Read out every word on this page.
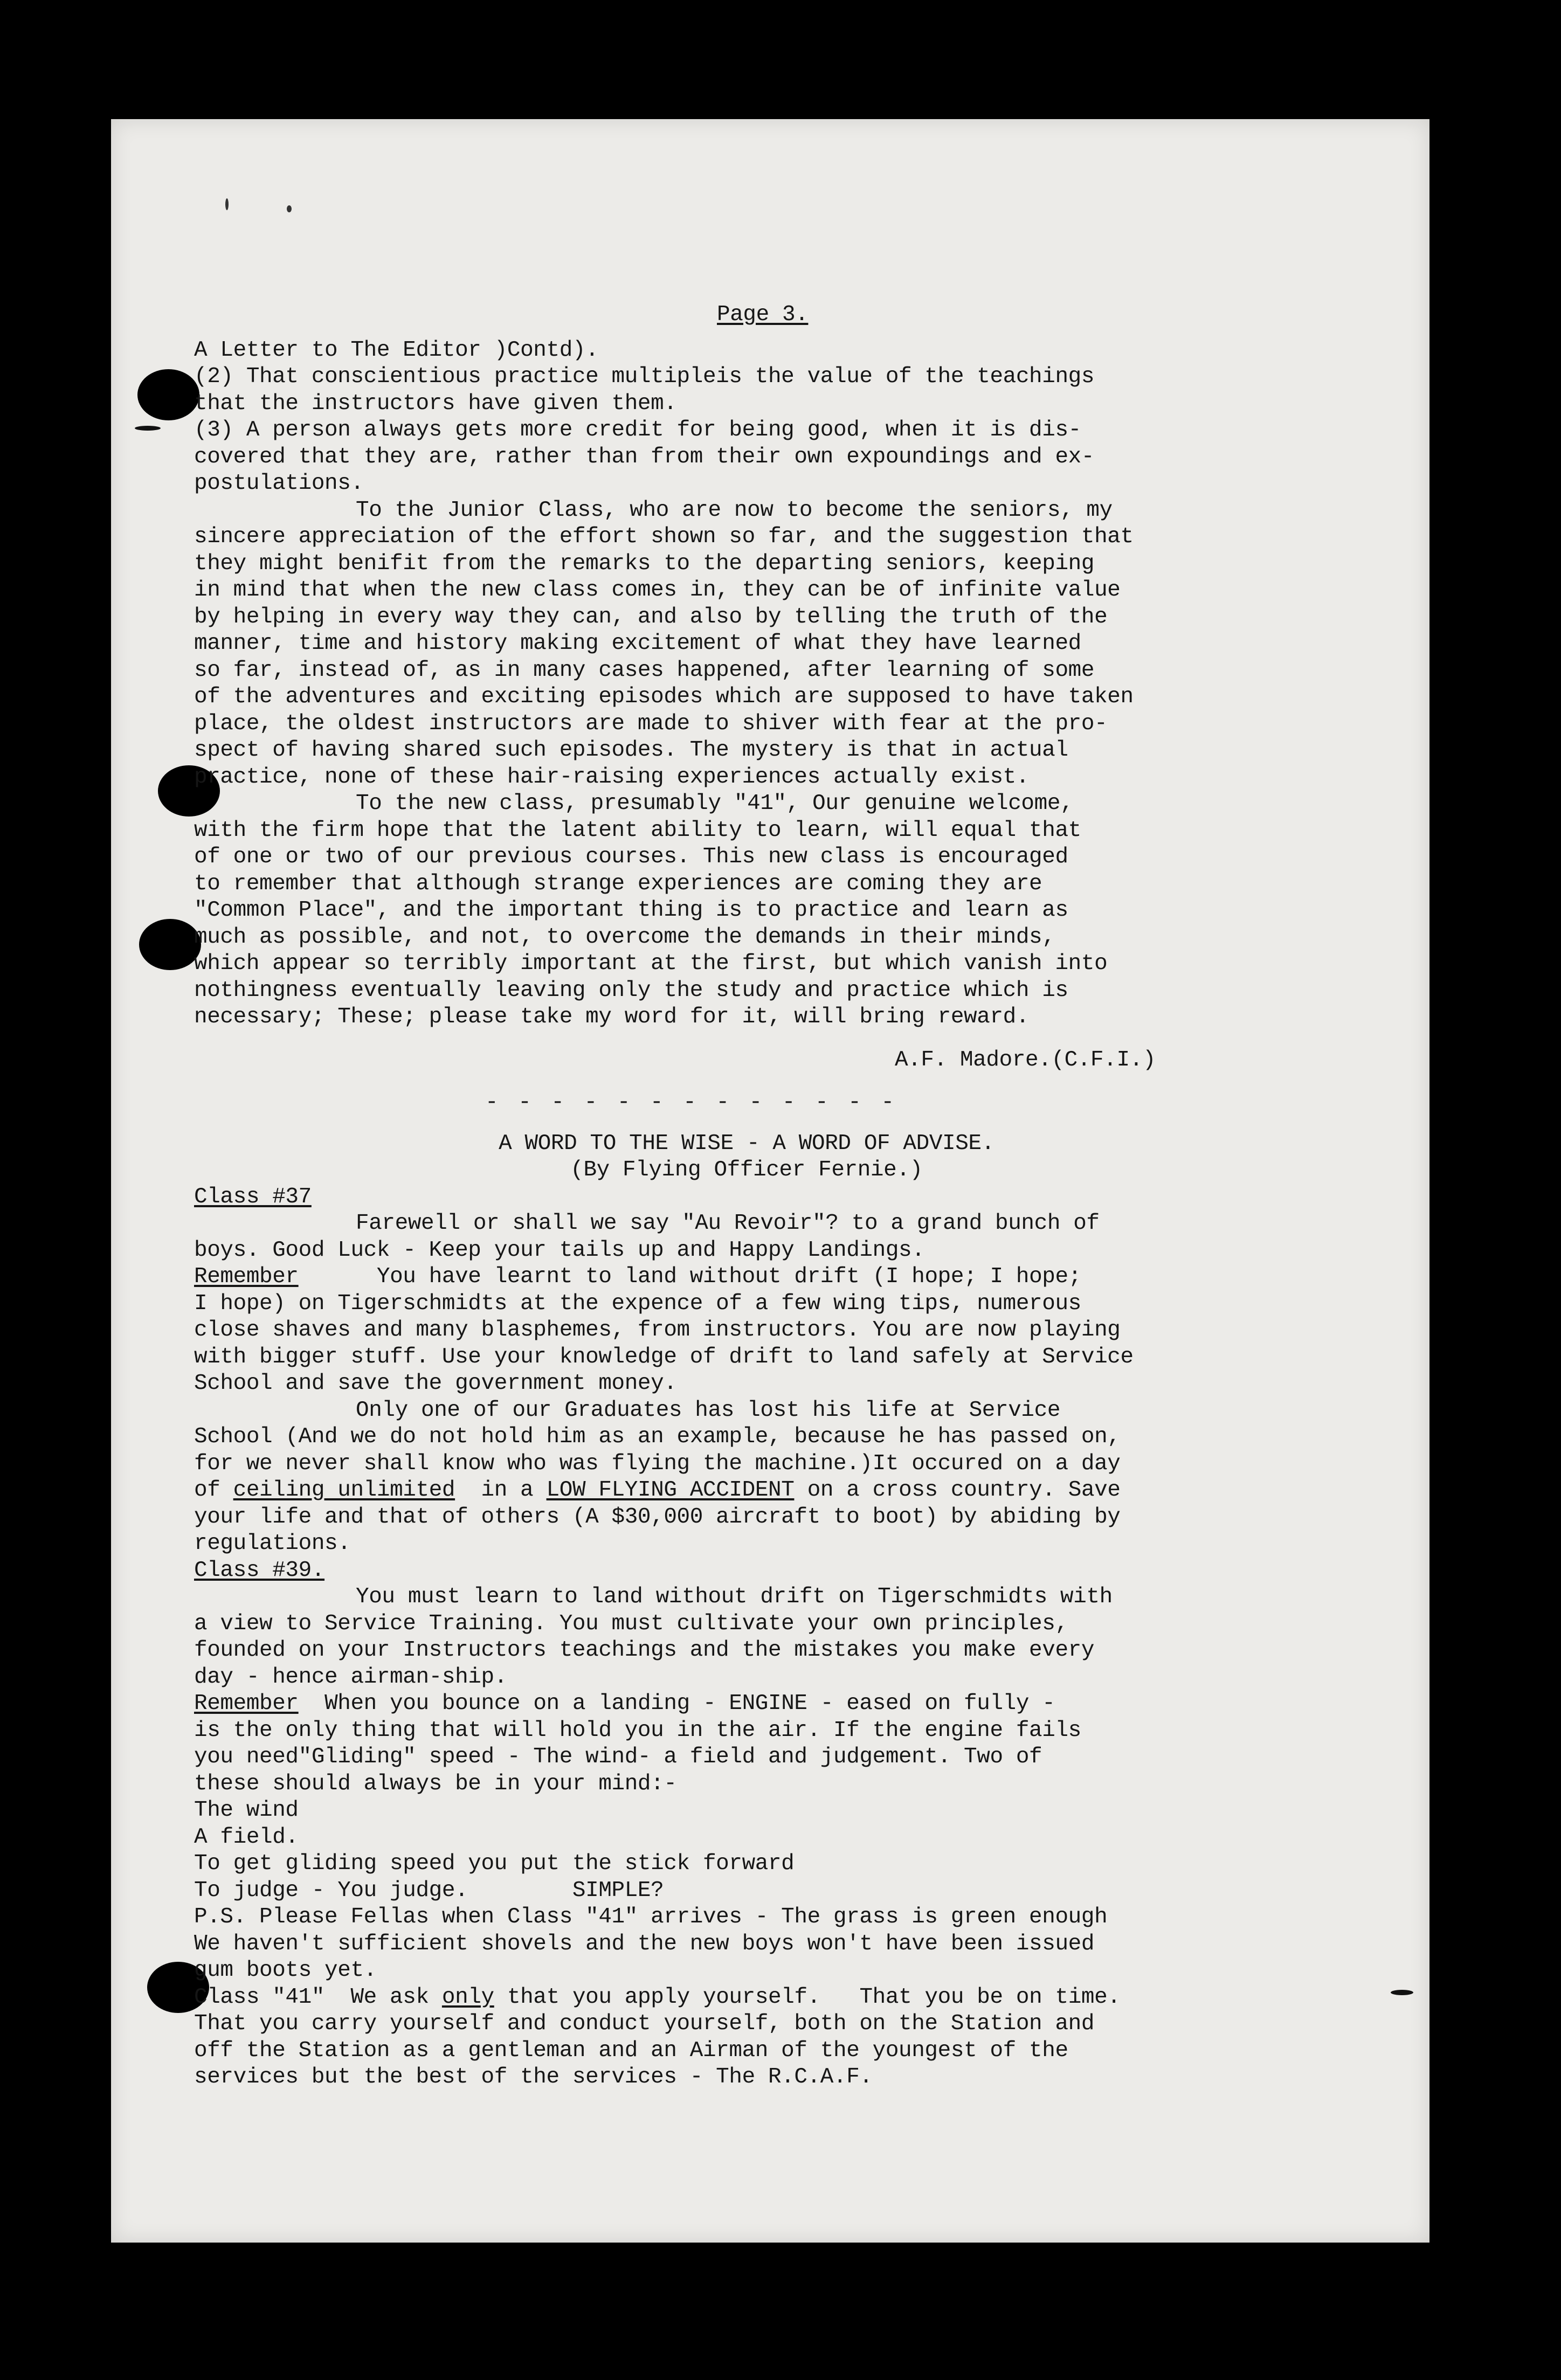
Page 3.
A Letter to The Editor )Contd).
(2) That conscientious practice multipleis the value of the teachings
that the instructors have given them.
(3) A person always gets more credit for being good, when it is dis-
covered that they are, rather than from their own expoundings and ex-
postulations.
To the Junior Class, who are now to become the seniors, my
sincere appreciation of the effort shown so far, and the suggestion that
they might benifit from the remarks to the departing seniors, keeping
in mind that when the new class comes in, they can be of infinite value
by helping in every way they can, and also by telling the truth of the
manner, time and history making excitement of what they have learned
so far, instead of, as in many cases happened, after learning of some
of the adventures and exciting episodes which are supposed to have taken
place, the oldest instructors are made to shiver with fear at the pro-
spect of having shared such episodes. The mystery is that in actual
practice, none of these hair-raising experiences actually exist.
To the new class, presumably "41", Our genuine welcome,
with the firm hope that the latent ability to learn, will equal that
of one or two of our previous courses. This new class is encouraged
to remember that although strange experiences are coming they are
"Common Place", and the important thing is to practice and learn as
much as possible, and not, to overcome the demands in their minds,
which appear so terribly important at the first, but which vanish into
nothingness eventually leaving only the study and practice which is
necessary; These; please take my word for it, will bring reward.
A.F. Madore.(C.F.I.)
- - - - - - - - - - - - -
A WORD TO THE WISE - A WORD OF ADVISE.
(By Flying Officer Fernie.)
Class #37
Farewell or shall we say "Au Revoir"? to a grand bunch of
boys. Good Luck - Keep your tails up and Happy Landings.
Remember	You have learnt to land without drift (I hope; I hope;
I hope) on Tigerschmidts at the expence of a few wing tips, numerous
close shaves and many blasphemes, from instructors. You are now playing
with bigger stuff. Use your knowledge of drift to land safely at Service
School and save the government money.
Only one of our Graduates has lost his life at Service
School (And we do not hold him as an example, because he has passed on,
for we never shall know who was flying the machine.)It occured on a day
of ceiling unlimited in a LOW FLYING ACCIDENT on a cross country. Save
your life and that of others (A $30,000 aircraft to boot) by abiding by
regulations.
Class #39.
You must learn to land without drift on Tigerschmidts with
a view to Service Training. You must cultivate your own principles,
founded on your Instructors teachings and the mistakes you make every
day - hence airman-ship.
Remember When you bounce on a landing - ENGINE - eased on fully -
is the only thing that will hold you in the air. If the engine fails
you need"Gliding" speed - The wind- a field and judgement. Two of
these should always be in your mind:-
The wind
A field.
To get gliding speed you put the stick forward
To judge - You judge.        SIMPLE?
P.S. Please Fellas when Class "41" arrives - The grass is green enough
We haven't sufficient shovels and the new boys won't have been issued
gum boots yet.
Class "41"  We ask only that you apply yourself.   That you be on time.
That you carry yourself and conduct yourself, both on the Station and
off the Station as a gentleman and an Airman of the youngest of the
services but the best of the services - The R.C.A.F.
